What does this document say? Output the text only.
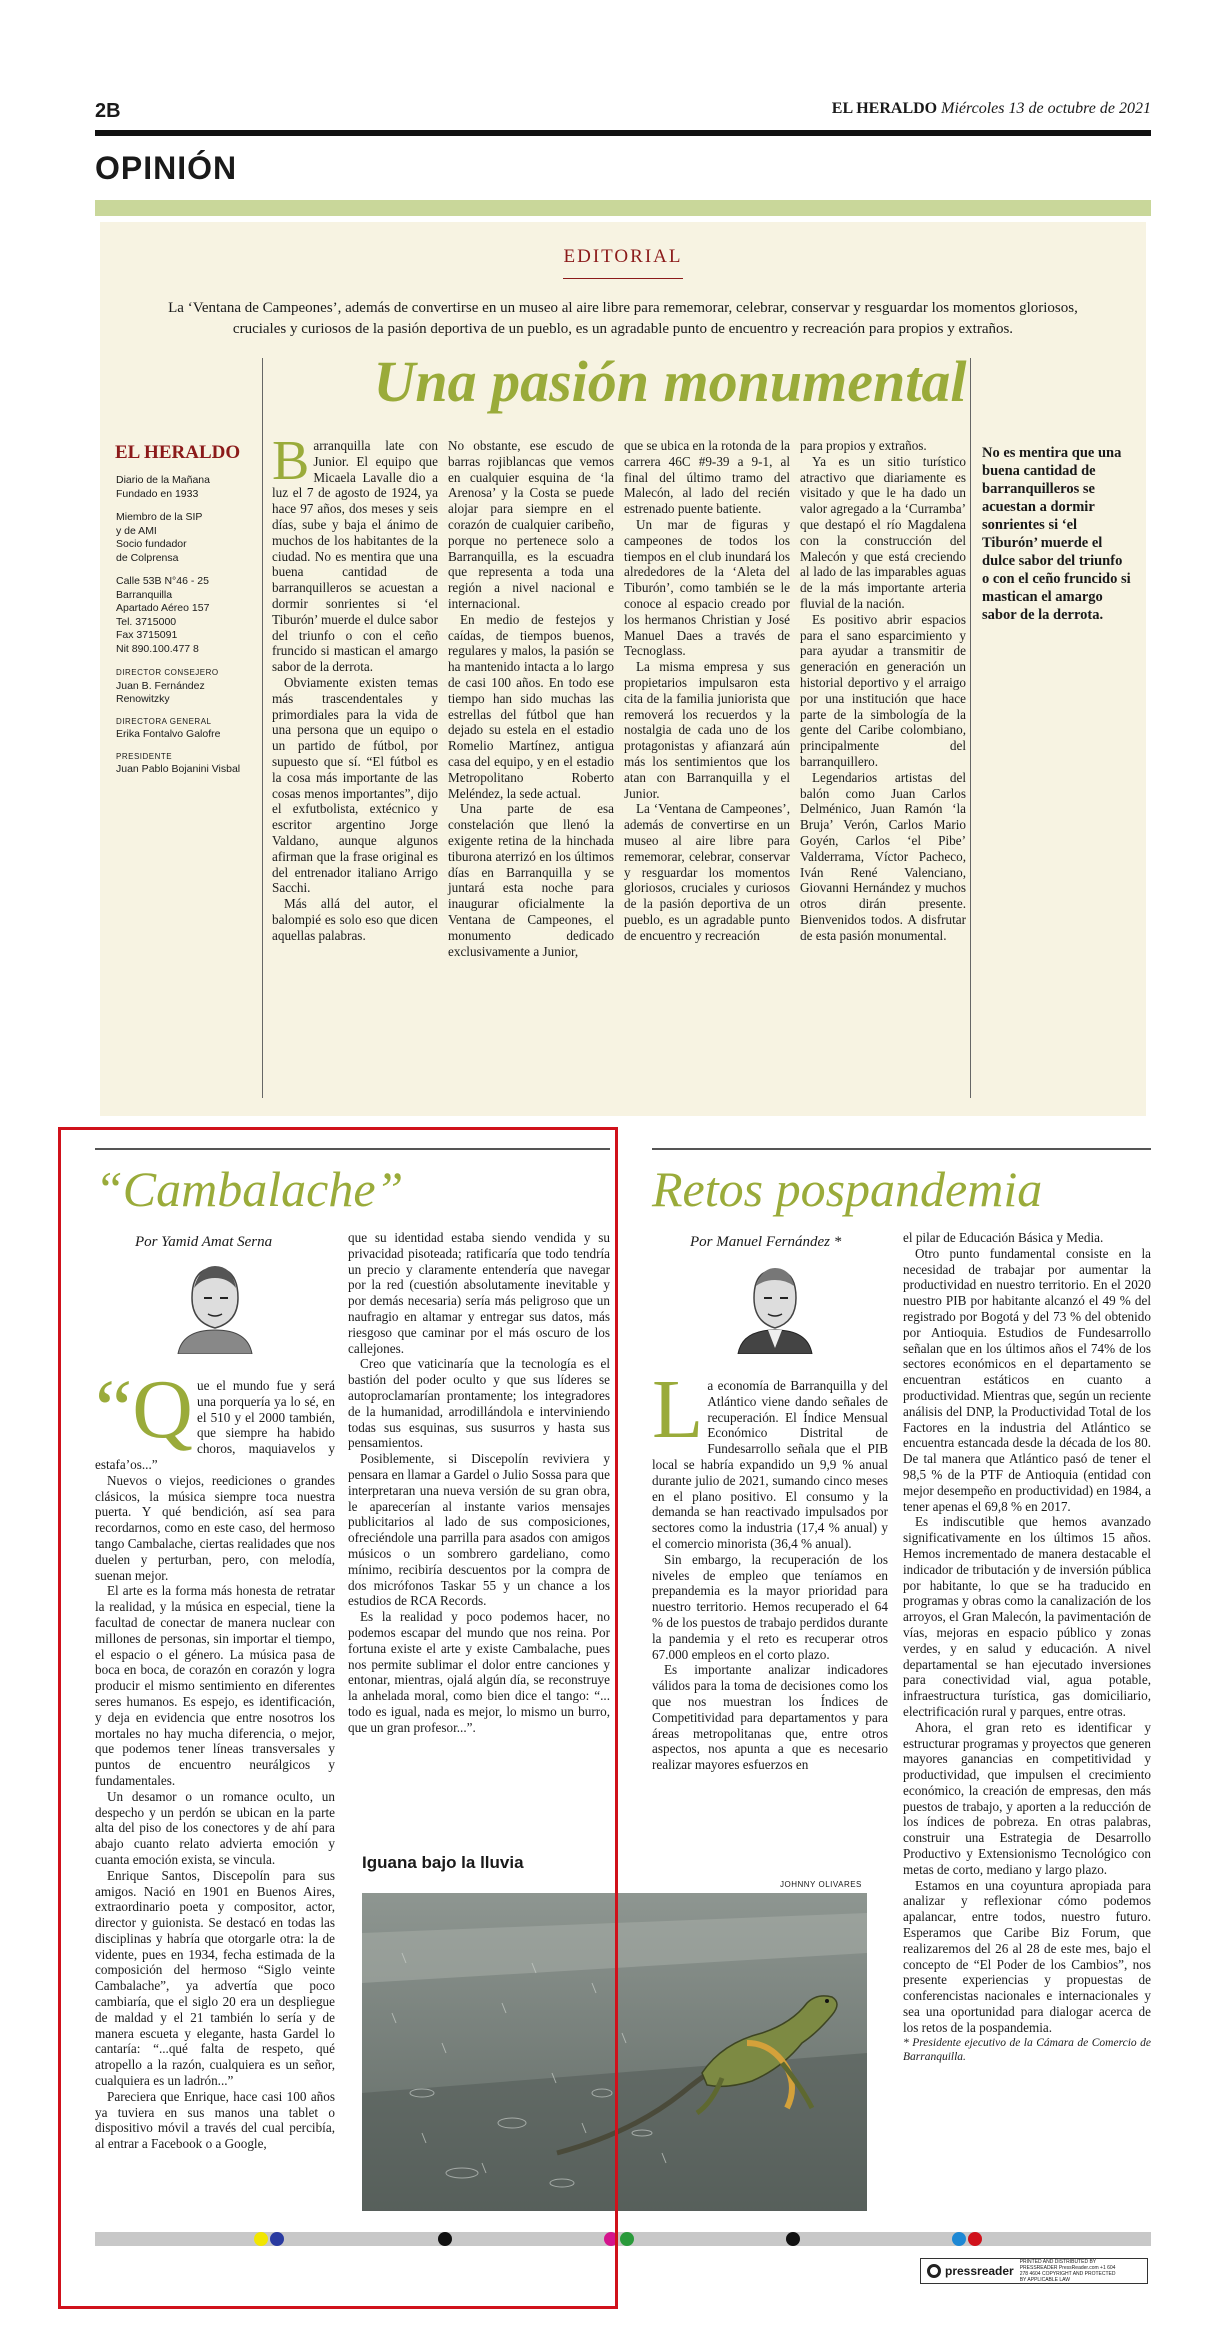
2B	EL HERALDO Miércoles 13 de octubre de 2021
OPINIÓN
EDITORIAL
La ‘Ventana de Campeones’, además de convertirse en un museo al aire libre para rememorar, celebrar, conservar y resguardar los momentos gloriosos, cruciales y curiosos de la pasión deportiva de un pueblo, es un agradable punto de encuentro y recreación para propios y extraños.
Una pasión monumental
EL HERALDO

Diario de la Mañana
Fundado en 1933

Miembro de la SIP
y de AMI
Socio fundador
de Colprensa

Calle 53B N°46 - 25
Barranquilla
Apartado Aéreo 157
Tel. 3715000
Fax 3715091
Nit 890.100.477 8

DIRECTOR CONSEJERO

Juan B. Fernández Renowitzky

DIRECTORA GENERAL

Erika Fontalvo Galofre

PRESIDENTE

Juan Pablo Bojanini Visbal

Barranquilla late con Junior. El equipo que Micaela Lavalle dio a luz el 7 de agosto de 1924, ya hace 97 años, dos meses y seis días, sube y baja el ánimo de muchos de los habitantes de la ciudad. No es mentira que una buena cantidad de barranquilleros se acuestan a dormir sonrientes si ‘el Tiburón’ muerde el dulce sabor del triunfo o con el ceño fruncido si mastican el amargo sabor de la derrota.

Obviamente existen temas más trascendentales y primordiales para la vida de una persona que un equipo o un partido de fútbol, por supuesto que sí. “El fútbol es la cosa más importante de las cosas menos importantes”, dijo el exfutbolista, extécnico y escritor argentino Jorge Valdano, aunque algunos afirman que la frase original es del entrenador italiano Arrigo Sacchi.

Más allá del autor, el balompié es solo eso que dicen aquellas palabras.

No obstante, ese escudo de barras rojiblancas que vemos en cualquier esquina de ‘la Arenosa’ y la Costa se puede alojar para siempre en el corazón de cualquier caribeño, porque no pertenece solo a Barranquilla, es la escuadra que representa a toda una región a nivel nacional e internacional.

En medio de festejos y caídas, de tiempos buenos, regulares y malos, la pasión se ha mantenido intacta a lo largo de casi 100 años. En todo ese tiempo han sido muchas las estrellas del fútbol que han dejado su estela en el estadio Romelio Martínez, antigua casa del equipo, y en el estadio Metropolitano Roberto Meléndez, la sede actual.

Una parte de esa constelación que llenó la exigente retina de la hinchada tiburona aterrizó en los últimos días en Barranquilla y se juntará esta noche para inaugurar oficialmente la Ventana de Campeones, el monumento dedicado exclusivamente a Junior,

que se ubica en la rotonda de la carrera 46C #9-39 a 9-1, al final del último tramo del Malecón, al lado del recién estrenado puente batiente.

Un mar de figuras y campeones de todos los tiempos en el club inundará los alrededores de la ‘Aleta del Tiburón’, como también se le conoce al espacio creado por los hermanos Christian y José Manuel Daes a través de Tecnoglass.

La misma empresa y sus propietarios impulsaron esta cita de la familia juniorista que removerá los recuerdos y la nostalgia de cada uno de los protagonistas y afianzará aún más los sentimientos que los atan con Barranquilla y el Junior.

La ‘Ventana de Campeones’, además de convertirse en un museo al aire libre para rememorar, celebrar, conservar y resguardar los momentos gloriosos, cruciales y curiosos de la pasión deportiva de un pueblo, es un agradable punto de encuentro y recreación

para propios y extraños.

Ya es un sitio turístico atractivo que diariamente es visitado y que le ha dado un valor agregado a la ‘Curramba’ que destapó el río Magdalena con la construcción del Malecón y que está creciendo al lado de las imparables aguas de la más importante arteria fluvial de la nación.

Es positivo abrir espacios para el sano esparcimiento y para ayudar a transmitir de generación en generación un historial deportivo y el arraigo por una institución que hace parte de la simbología de la gente del Caribe colombiano, principalmente del barranquillero.

Legendarios artistas del balón como Juan Carlos Delménico, Juan Ramón ‘la Bruja’ Verón, Carlos Mario Goyén, Carlos ‘el Pibe’ Valderrama, Víctor Pacheco, Iván René Valenciano, Giovanni Hernández y muchos otros dirán presente. Bienvenidos todos. A disfrutar de esta pasión monumental.

No es mentira que una buena cantidad de barranquilleros se acuestan a dormir sonrientes si ‘el Tiburón’ muerde el dulce sabor del triunfo o con el ceño fruncido si mastican el amargo sabor de la derrota.
“Cambalache”	Retos pospandemia
Por Yamid Amat Serna

“Q ue el mundo fue y será una porquería ya lo sé, en el 510 y el 2000 también, que siempre ha habido choros, maquiavelos y estafa’os...”

Nuevos o viejos, reediciones o grandes clásicos, la música siempre toca nuestra puerta. Y qué bendición, así sea para recordarnos, como en este caso, del hermoso tango Cambalache, ciertas realidades que nos duelen y perturban, pero, con melodía, suenan mejor.

El arte es la forma más honesta de retratar la realidad, y la música en especial, tiene la facultad de conectar de manera nuclear con millones de personas, sin importar el tiempo, el espacio o el género. La música pasa de boca en boca, de corazón en corazón y logra producir el mismo sentimiento en diferentes seres humanos. Es espejo, es identificación, y deja en evidencia que entre nosotros los mortales no hay mucha diferencia, o mejor, que podemos tener líneas transversales y puntos de encuentro neurálgicos y fundamentales.

Un desamor o un romance oculto, un despecho y un perdón se ubican en la parte alta del piso de los conectores y de ahí para abajo cuanto relato advierta emoción y cuanta emoción exista, se vincula.

Enrique Santos, Discepolín para sus amigos. Nació en 1901 en Buenos Aires, extraordinario poeta y compositor, actor, director y guionista. Se destacó en todas las disciplinas y habría que otorgarle otra: la de vidente, pues en 1934, fecha estimada de la composición del hermoso “Siglo veinte Cambalache”, ya advertía que poco cambiaría, que el siglo 20 era un despliegue de maldad y el 21 también lo sería y de manera escueta y elegante, hasta Gardel lo cantaría: “...qué falta de respeto, qué atropello a la razón, cualquiera es un señor, cualquiera es un ladrón...”

Pareciera que Enrique, hace casi 100 años ya tuviera en sus manos una tablet o dispositivo móvil a través del cual percibía, al entrar a Facebook o a Google,

que su identidad estaba siendo vendida y su privacidad pisoteada; ratificaría que todo tendría un precio y claramente entendería que navegar por la red (cuestión absolutamente inevitable y por demás necesaria) sería más peligroso que un naufragio en altamar y entregar sus datos, más riesgoso que caminar por el más oscuro de los callejones.

Creo que vaticinaría que la tecnología es el bastión del poder oculto y que sus líderes se autoproclamarían prontamente; los integradores de la humanidad, arrodillándola e interviniendo todas sus esquinas, sus susurros y hasta sus pensamientos.

Posiblemente, si Discepolín reviviera y pensara en llamar a Gardel o Julio Sossa para que interpretaran una nueva versión de su gran obra, le aparecerían al instante varios mensajes publicitarios al lado de sus composiciones, ofreciéndole una parrilla para asados con amigos músicos o un sombrero gardeliano, como mínimo, recibiría descuentos por la compra de dos micrófonos Taskar 55 y un chance a los estudios de RCA Records.

Es la realidad y poco podemos hacer, no podemos escapar del mundo que nos reina. Por fortuna existe el arte y existe Cambalache, pues nos permite sublimar el dolor entre canciones y entonar, mientras, ojalá algún día, se reconstruye la anhelada moral, como bien dice el tango: “... todo es igual, nada es mejor, lo mismo un burro, que un gran profesor...”.

Iguana bajo la lluvia
JOHNNY OLIVARES
Por Manuel Fernández *

La economía de Barranquilla y del Atlántico viene dando señales de recuperación. El Índice Mensual Económico Distrital de Fundesarrollo señala que el PIB local se habría expandido un 9,9 % anual durante julio de 2021, sumando cinco meses en el plano positivo. El consumo y la demanda se han reactivado impulsados por sectores como la industria (17,4 % anual) y el comercio minorista (36,4 % anual).

Sin embargo, la recuperación de los niveles de empleo que teníamos en prepandemia es la mayor prioridad para nuestro territorio. Hemos recuperado el 64 % de los puestos de trabajo perdidos durante la pandemia y el reto es recuperar otros 67.000 empleos en el corto plazo.

Es importante analizar indicadores válidos para la toma de decisiones como los que nos muestran los Índices de Competitividad para departamentos y para áreas metropolitanas que, entre otros aspectos, nos apunta a que es necesario realizar mayores esfuerzos en

el pilar de Educación Básica y Media.

Otro punto fundamental consiste en la necesidad de trabajar por aumentar la productividad en nuestro territorio. En el 2020 nuestro PIB por habitante alcanzó el 49 % del registrado por Bogotá y del 73 % del obtenido por Antioquia. Estudios de Fundesarrollo señalan que en los últimos años el 74% de los sectores económicos en el departamento se encuentran estáticos en cuanto a productividad. Mientras que, según un reciente análisis del DNP, la Productividad Total de los Factores en la industria del Atlántico se encuentra estancada desde la década de los 80. De tal manera que Atlántico pasó de tener el 98,5 % de la PTF de Antioquia (entidad con mejor desempeño en productividad) en 1984, a tener apenas el 69,8 % en 2017.

Es indiscutible que hemos avanzado significativamente en los últimos 15 años. Hemos incrementado de manera destacable el indicador de tributación y de inversión pública por habitante, lo que se ha traducido en programas y obras como la canalización de los arroyos, el Gran Malecón, la pavimentación de vías, mejoras en espacio público y zonas verdes, y en salud y educación. A nivel departamental se han ejecutado inversiones para conectividad vial, agua potable, infraestructura turística, gas domiciliario, electrificación rural y parques, entre otras.

Ahora, el gran reto es identificar y estructurar programas y proyectos que generen mayores ganancias en competitividad y productividad, que impulsen el crecimiento económico, la creación de empresas, den más puestos de trabajo, y aporten a la reducción de los índices de pobreza. En otras palabras, construir una Estrategia de Desarrollo Productivo y Extensionismo Tecnológico con metas de corto, mediano y largo plazo.

Estamos en una coyuntura apropiada para analizar y reflexionar cómo podemos apalancar, entre todos, nuestro futuro. Esperamos que Caribe Biz Forum, que realizaremos del 26 al 28 de este mes, bajo el concepto de “El Poder de los Cambios”, nos presente experiencias y propuestas de conferencistas nacionales e internacionales y sea una oportunidad para dialogar acerca de los retos de la pospandemia.

* Presidente ejecutivo de la Cámara de Comercio de Barranquilla.

pressreader
PRINTED AND DISTRIBUTED BY PRESSREADER PressReader.com +1 604 278 4604 COPYRIGHT AND PROTECTED BY APPLICABLE LAW
